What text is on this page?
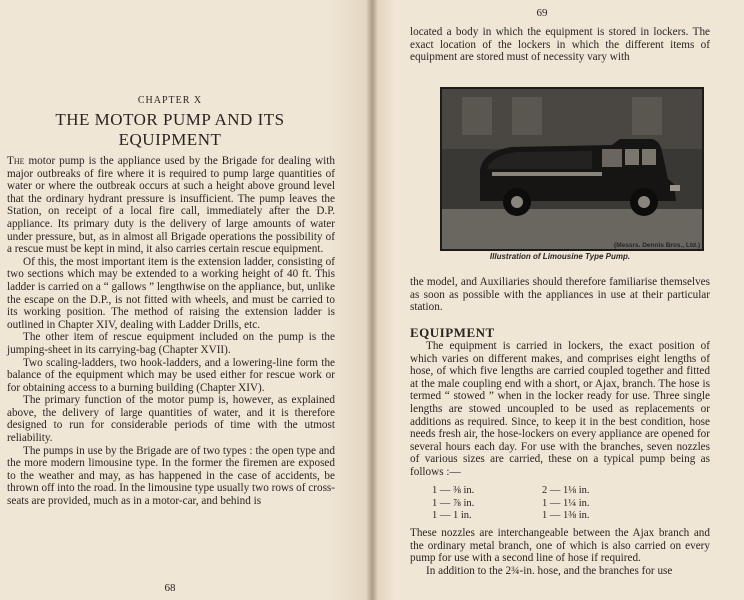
CHAPTER X
THE MOTOR PUMP AND ITS EQUIPMENT

The motor pump is the appliance used by the Brigade for dealing with major outbreaks of fire where it is required to pump large quantities of water or where the outbreak occurs at such a height above ground level that the ordinary hydrant pressure is insufficient. The pump leaves the Station, on receipt of a local fire call, immediately after the D.P. appliance. Its primary duty is the delivery of large amounts of water under pressure, but, as in almost all Brigade operations the possibility of a rescue must be kept in mind, it also carries certain rescue equipment.

Of this, the most important item is the extension ladder, consisting of two sections which may be extended to a working height of 40 ft. This ladder is carried on a “ gallows ” lengthwise on the appliance, but, unlike the escape on the D.P., is not fitted with wheels, and must be carried to its working position. The method of raising the extension ladder is outlined in Chapter XIV, dealing with Ladder Drills, etc.

The other item of rescue equipment included on the pump is the jumping-sheet in its carrying-bag (Chapter XVII).

Two scaling-ladders, two hook-ladders, and a lowering-line form the balance of the equipment which may be used either for rescue work or for obtaining access to a burning building (Chapter XIV).

The primary function of the motor pump is, however, as explained above, the delivery of large quantities of water, and it is therefore designed to run for considerable periods of time with the utmost reliability.

The pumps in use by the Brigade are of two types : the open type and the more modern limousine type. In the former the firemen are exposed to the weather and may, as has happened in the case of accidents, be thrown off into the road. In the limousine type usually two rows of cross-seats are provided, much as in a motor-car, and behind is

68
69

located a body in which the equipment is stored in lockers. The exact location of the lockers in which the different items of equipment are stored must of necessity vary with

(Messrs. Dennis Bros., Ltd.)
Illustration of Limousine Type Pump.

the model, and Auxiliaries should therefore familiarise themselves as soon as possible with the appliances in use at their particular station.

EQUIPMENT

The equipment is carried in lockers, the exact position of which varies on different makes, and comprises eight lengths of hose, of which five lengths are carried coupled together and fitted at the male coupling end with a short, or Ajax, branch. The hose is termed “ stowed ” when in the locker ready for use. Three single lengths are stowed uncoupled to be used as replacements or additions as required. Since, to keep it in the best condition, hose needs fresh air, the hose-lockers on every appliance are opened for several hours each day. For use with the branches, seven nozzles of various sizes are carried, these on a typical pump being as follows :—

1 — ⅜ in.	2 — 1⅛ in.
1 — ⅞ in.	1 — 1¼ in.
1 — 1 in.	1 — 1⅜ in.

These nozzles are interchangeable between the Ajax branch and the ordinary metal branch, one of which is also carried on every pump for use with a second line of hose if required.

In addition to the 2¾-in. hose, and the branches for use
